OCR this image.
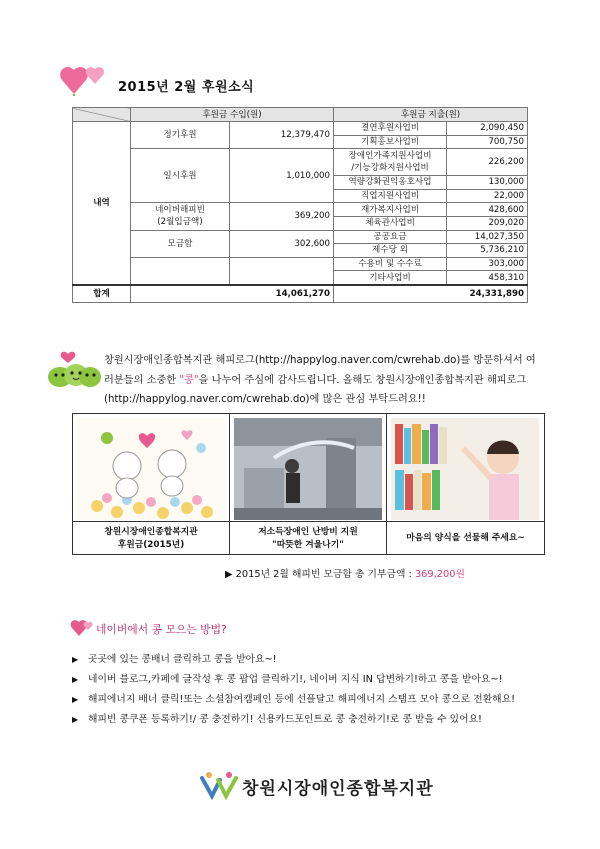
2015년 2월 후원소식
	후원금 수입(원)		후원금 지출(원)	
내역	정기후원	12,379,470	결연후원사업비	2,090,450
			기획홍보사업비	700,750
	일시후원	1,010,000	장애인가족지원사업비
/기능강화지원사업비	226,200
			역량강화권익옹호사업	130,000
			직업지원사업비	22,000
	네이버해피빈
(2월입금액)	369,200	재가복지사업비	428,600
			체육관사업비	209,020
	모금함	302,600	공공요금	14,027,350
			제수당 외	5,736,210
			수용비 및 수수료	303,000
			기타사업비	458,310
합계	14,061,270		24,331,890	
창원시장애인종합복지관 해피로그(http://happylog.naver.com/cwrehab.do)를 방문하셔서 여러분들의 소중한 "콩"을 나누어 주심에 감사드립니다. 올해도 창원시장애인종합복지관 해피로그(http://happylog.naver.com/cwrehab.do)에 많은 관심 부탁드려요!!
창원시장애인종합복지관
후원금(2015년)
저소득장애인 난방비 지원
"따뜻한 겨울나기"
마음의 양식을 선물해 주세요~
▶ 2015년 2월 해피빈 모금함 총 기부금액 : 369,200원
네이버에서 콩 모으는 방법?
▶ 곳곳에 있는 콩배너 클릭하고 콩을 받아요~!
▶ 네이버 블로그,카페에 글작성 후 콩 팝업 클릭하기!, 네이버 지식 IN 답변하기!하고 콩을 받아요~!
▶ 해피에너지 배너 클릭!또는 소셜참여캠페인 등에 선플달고 해피에너지 스탬프 모아 콩으로 전환해요!
▶ 해피빈 콩쿠폰 등록하기!/ 콩 충전하기! 신용카드포인트로 콩 충전하기!로 콩 받을 수 있어요!
창원시장애인종합복지관
